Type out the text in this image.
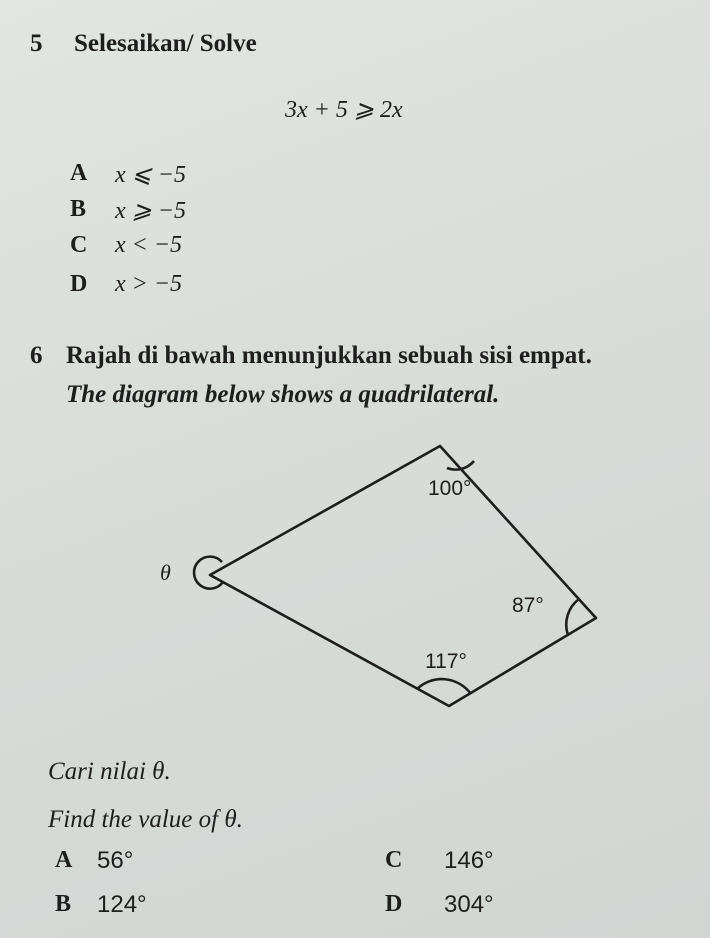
5 Selesaikan/ Solve
3x + 5 ⩾ 2x
A x ⩽ −5
B x ⩾ −5
C x < −5
D x > −5
6 Rajah di bawah menunjukkan sebuah sisi empat.
The diagram below shows a quadrilateral.
100°
θ
87°
117°
Cari nilai θ.
Find the value of θ.
A 56°
B 124°
C 146°
D 304°
